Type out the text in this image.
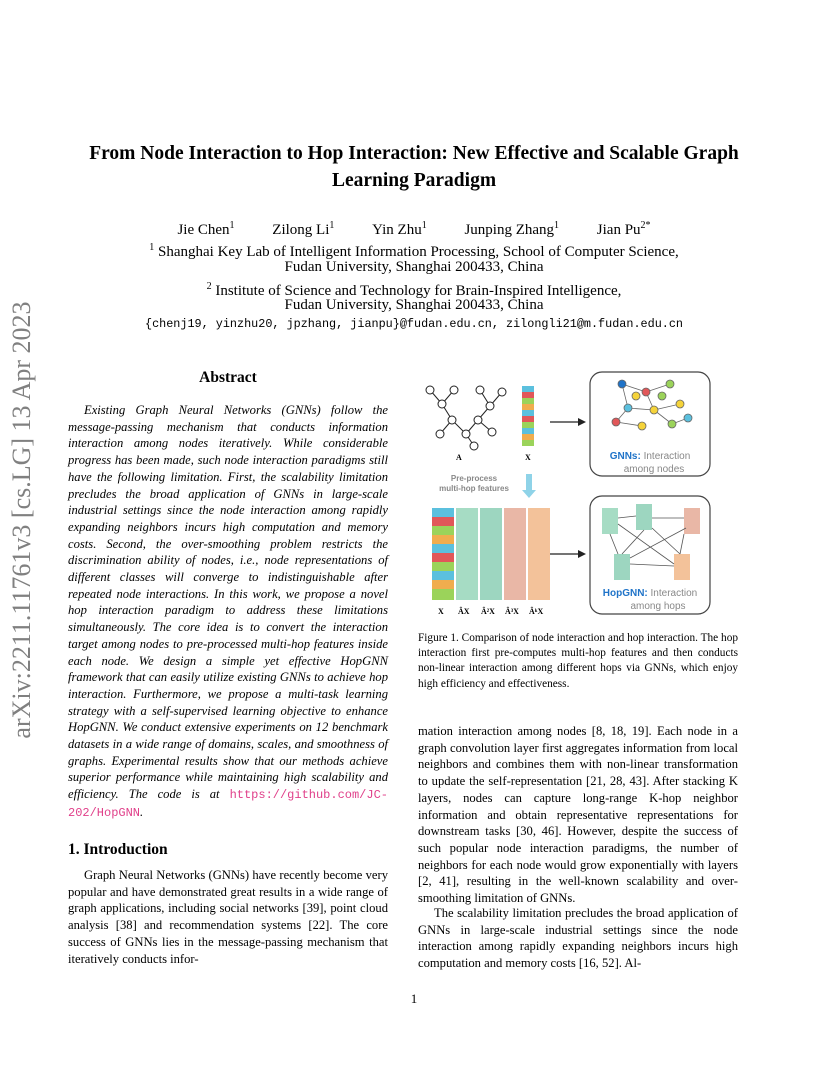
From Node Interaction to Hop Interaction: New Effective and Scalable Graph
Learning Paradigm
Jie Chen$^1$	Zilong Li$^1$	Yin Zhu$^1$	Junping Zhang$^1$	Jian $Pu^{2*}$
$^1$ Shanghai Key Lab of Intelligent Information Processing, School of Computer Science,
Fudan University, Shanghai 200433, China
$^2$ Institute of Science and Technology for Brain-Inspired Intelligence,
Fudan University, Shanghai 200433, China
{chenj19, yinzhu20, jpzhang, jianpu}@fudan.edu.cn, zilongli21@m.fudan.edu.cn
arXiv:2211.11761v3 [cs.LG] 13 Apr 2023	Abstract
Existing Graph Neural Networks (GNNs) follow the message-passing mechanism that conducts information interaction among nodes iteratively. While considerable progress has been made, such node interaction paradigms still have the following limitation. First, the scalability limitation precludes the broad application of GNNs in large-scale industrial settings since the node interaction among rapidly expanding neighbors incurs high computation and memory costs. Second, the over-smoothing problem restricts the discrimination ability of nodes, i.e., node representations of different classes will converge to indistinguishable after repeated node interactions. In this work, we propose a novel hop interaction paradigm to address these limitations simultaneously. The core idea is to convert the interaction target among nodes to pre-processed multi-hop features inside each node. We design a simple yet effective HopGNN framework that can easily utilize existing GNNs to achieve hop interaction. Furthermore, we propose a multi-task learning strategy with a self-supervised learning objective to enhance HopGNN. We conduct extensive experiments on 12 benchmark datasets in a wide range of domains, scales, and smoothness of graphs. Experimental results show that our methods achieve superior performance while maintaining high scalability and efficiency. The code is at https://github.com/JC-202/HopGNN.
1. Introduction
Graph Neural Networks (GNNs) have recently become very popular and have demonstrated great results in a wide range of graph applications, including social networks [39], point cloud analysis [38] and recommendation systems [22]. The core success of GNNs lies in the message-passing mechanism that iteratively conducts infor-
A	X
Pre-process
multi-hop features
X ÂX Â²X Â³X ÂᵏX
GNNs: Interaction
among nodes
HopGNN: Interaction
among hops
Figure 1. Comparison of node interaction and hop interaction. The hop interaction first pre-computes multi-hop features and then conducts non-linear interaction among different hops via GNNs, which enjoy high efficiency and effectiveness.
mation interaction among nodes [8, 18, 19]. Each node in a graph convolution layer first aggregates information from local neighbors and combines them with non-linear transformation to update the self-representation [21, 28, 43]. After stacking K layers, nodes can capture long-range K-hop neighbor information and obtain representative representations for downstream tasks [30, 46]. However, despite the success of such popular node interaction paradigms, the number of neighbors for each node would grow exponentially with layers [2, 41], resulting in the well-known scalability and over-smoothing limitation of GNNs.
The scalability limitation precludes the broad application of GNNs in large-scale industrial settings since the node interaction among rapidly expanding neighbors incurs high computation and memory costs [16, 52]. Al-
1
